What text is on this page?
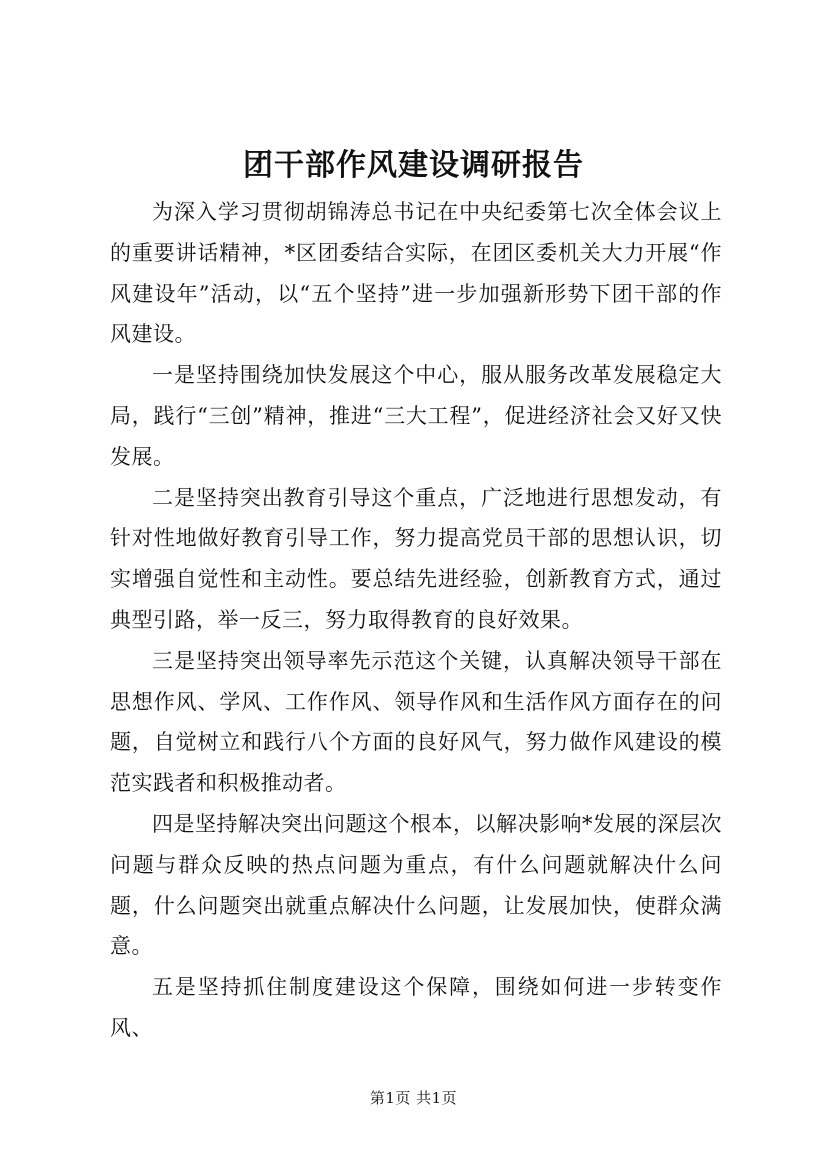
团干部作风建设调研报告

为深入学习贯彻胡锦涛总书记在中央纪委第七次全体会议上的重要讲话精神，*区团委结合实际，在团区委机关大力开展“作风建设年”活动，以“五个坚持”进一步加强新形势下团干部的作风建设。

一是坚持围绕加快发展这个中心，服从服务改革发展稳定大局，践行“三创”精神，推进“三大工程”，促进经济社会又好又快发展。

二是坚持突出教育引导这个重点，广泛地进行思想发动，有针对性地做好教育引导工作，努力提高党员干部的思想认识，切实增强自觉性和主动性。要总结先进经验，创新教育方式，通过典型引路，举一反三，努力取得教育的良好效果。

三是坚持突出领导率先示范这个关键，认真解决领导干部在思想作风、学风、工作作风、领导作风和生活作风方面存在的问题，自觉树立和践行八个方面的良好风气，努力做作风建设的模范实践者和积极推动者。

四是坚持解决突出问题这个根本，以解决影响*发展的深层次问题与群众反映的热点问题为重点，有什么问题就解决什么问题，什么问题突出就重点解决什么问题，让发展加快，使群众满意。

五是坚持抓住制度建设这个保障，围绕如何进一步转变作风、

第1页 共1页
